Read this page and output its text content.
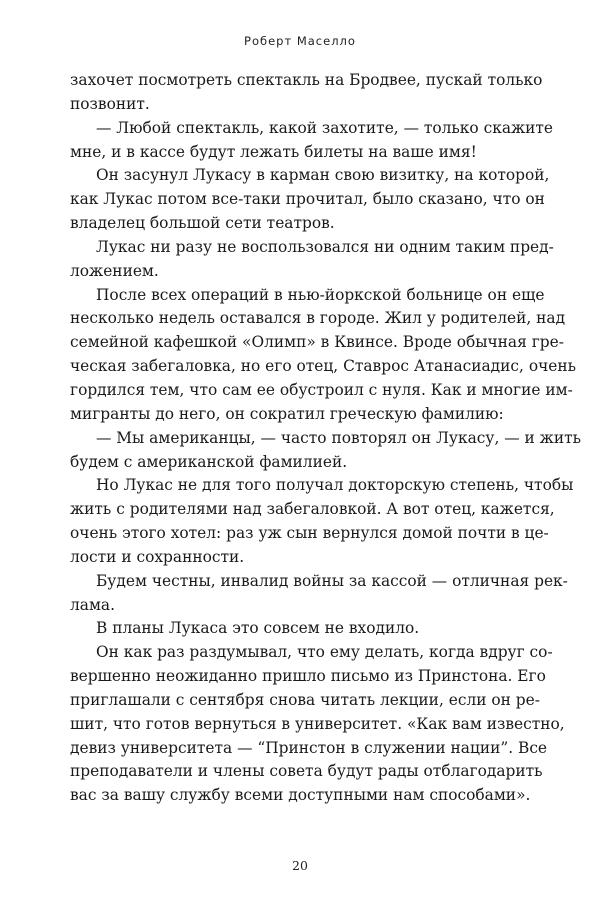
Роберт Маселло
захочет посмотреть спектакль на Бродвее, пускай только
позвонит.
— Любой спектакль, какой захотите, — только скажите
мне, и в кассе будут лежать билеты на ваше имя!
Он засунул Лукасу в карман свою визитку, на которой,
как Лукас потом все-таки прочитал, было сказано, что он
владелец большой сети театров.
Лукас ни разу не воспользовался ни одним таким пред-
ложением.
После всех операций в нью-йоркской больнице он еще
несколько недель оставался в городе. Жил у родителей, над
семейной кафешкой «Олимп» в Квинсе. Вроде обычная гре-
ческая забегаловка, но его отец, Ставрос Атанасиадис, очень
гордился тем, что сам ее обустроил с нуля. Как и многие им-
мигранты до него, он сократил греческую фамилию:
— Мы американцы, — часто повторял он Лукасу, — и жить
будем с американской фамилией.
Но Лукас не для того получал докторскую степень, чтобы
жить с родителями над забегаловкой. А вот отец, кажется,
очень этого хотел: раз уж сын вернулся домой почти в це-
лости и сохранности.
Будем честны, инвалид войны за кассой — отличная рек-
лама.
В планы Лукаса это совсем не входило.
Он как раз раздумывал, что ему делать, когда вдруг со-
вершенно неожиданно пришло письмо из Принстона. Его
приглашали с сентября снова читать лекции, если он ре-
шит, что готов вернуться в университет. «Как вам известно,
девиз университета — “Принстон в служении нации”. Все
преподаватели и члены совета будут рады отблагодарить
вас за вашу службу всеми доступными нам способами».
20
